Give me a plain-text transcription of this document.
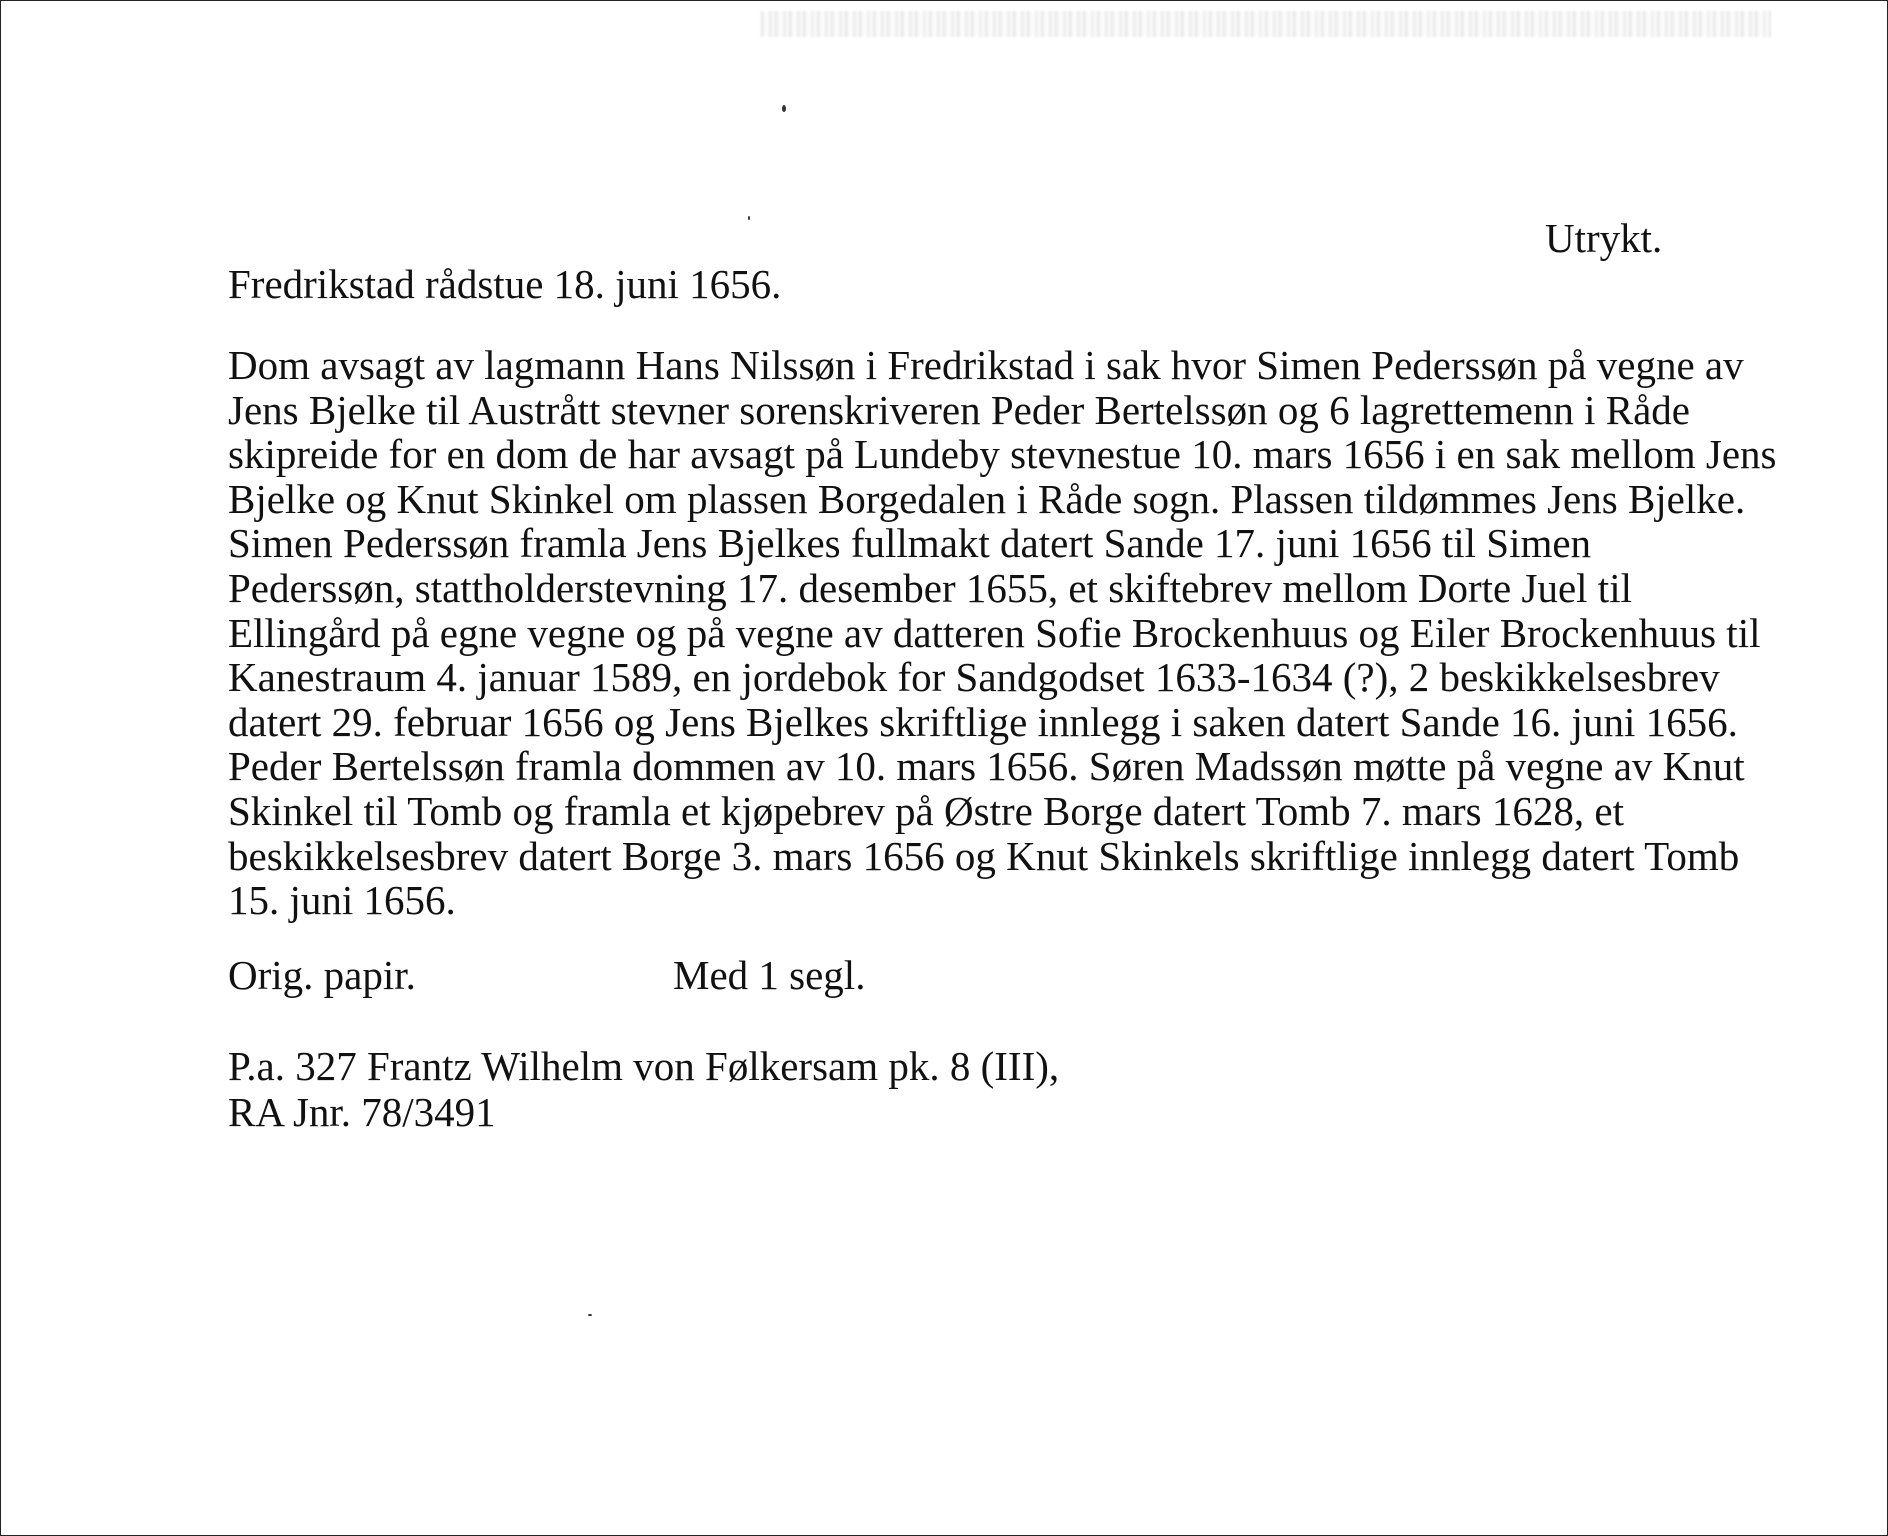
Utrykt.

Fredrikstad rådstue 18. juni 1656.

Dom avsagt av lagmann Hans Nilssøn i Fredrikstad i sak hvor Simen Pederssøn på vegne av
Jens Bjelke til Austrått stevner sorenskriveren Peder Bertelssøn og 6 lagrettemenn i Råde
skipreide for en dom de har avsagt på Lundeby stevnestue 10. mars 1656 i en sak mellom Jens
Bjelke og Knut Skinkel om plassen Borgedalen i Råde sogn. Plassen tildømmes Jens Bjelke.
Simen Pederssøn framla Jens Bjelkes fullmakt datert Sande 17. juni 1656 til Simen
Pederssøn, stattholderstevning 17. desember 1655, et skiftebrev mellom Dorte Juel til
Ellingård på egne vegne og på vegne av datteren Sofie Brockenhuus og Eiler Brockenhuus til
Kanestraum 4. januar 1589, en jordebok for Sandgodset 1633-1634 (?), 2 beskikkelsesbrev
datert 29. februar 1656 og Jens Bjelkes skriftlige innlegg i saken datert Sande 16. juni 1656.
Peder Bertelssøn framla dommen av 10. mars 1656. Søren Madssøn møtte på vegne av Knut
Skinkel til Tomb og framla et kjøpebrev på Østre Borge datert Tomb 7. mars 1628, et
beskikkelsesbrev datert Borge 3. mars 1656 og Knut Skinkels skriftlige innlegg datert Tomb
15. juni 1656.

Orig. papir.	Med 1 segl.

P.a. 327 Frantz Wilhelm von Følkersam pk. 8 (III),
RA Jnr. 78/3491
